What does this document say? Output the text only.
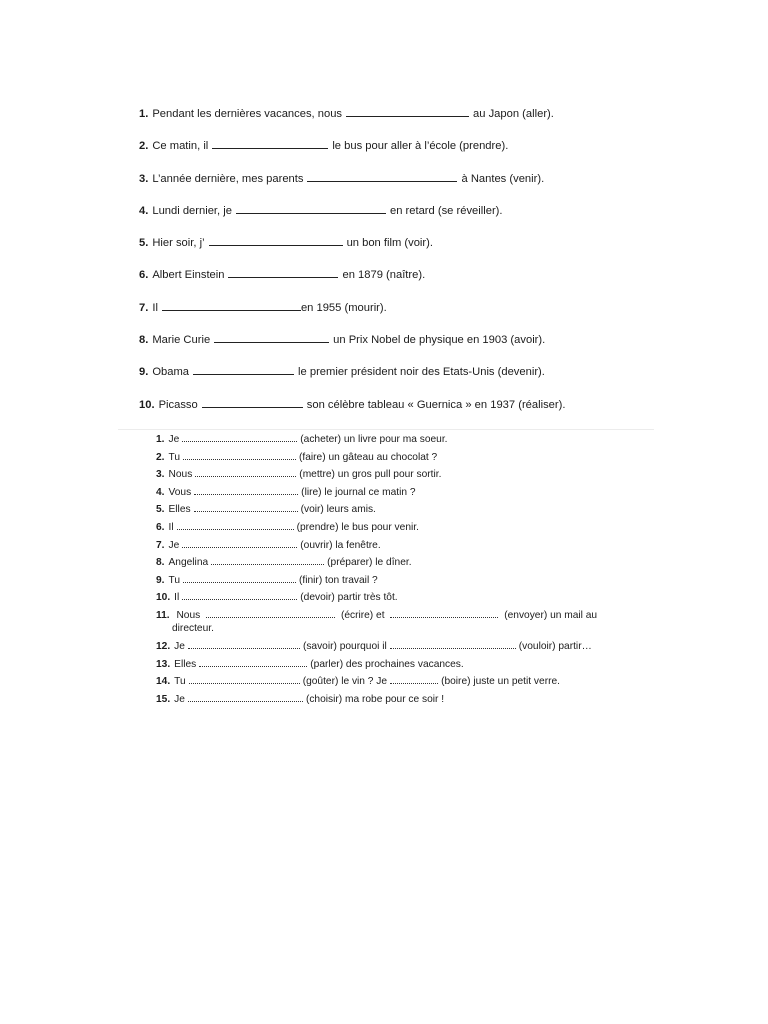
1. Pendant les dernières vacances, nous	au Japon (aller).
2. Ce matin, il	le bus pour aller à l’école (prendre).
3. L’année dernière, mes parents	à Nantes (venir).
4. Lundi dernier, je	en retard (se réveiller).
5. Hier soir, j’	un bon film (voir).
6. Albert Einstein	en 1879 (naître).
7. Il	en 1955 (mourir).
8. Marie Curie	un Prix Nobel de physique en 1903 (avoir).
9. Obama	le premier président noir des Etats-Unis (devenir).
10. Picasso	son célèbre tableau « Guernica » en 1937 (réaliser).
1. Je	(acheter) un livre pour ma soeur.
2. Tu	(faire) un gâteau au chocolat ?
3. Nous	(mettre) un gros pull pour sortir.
4. Vous	(lire) le journal ce matin ?
5. Elles	(voir) leurs amis.
6. Il	(prendre) le bus pour venir.
7. Je	(ouvrir) la fenêtre.
8. Angelina	(préparer) le dîner.
9. Tu	(finir) ton travail ?
10. Il	(devoir) partir très tôt.
11. Nous	(écrire) et	(envoyer) un mail au
directeur.
12. Je	(savoir) pourquoi il	(vouloir) partir…
13. Elles	(parler) des prochaines vacances.
14. Tu	(goûter) le vin ? Je	(boire) juste un petit verre.
15. Je	(choisir) ma robe pour ce soir !
